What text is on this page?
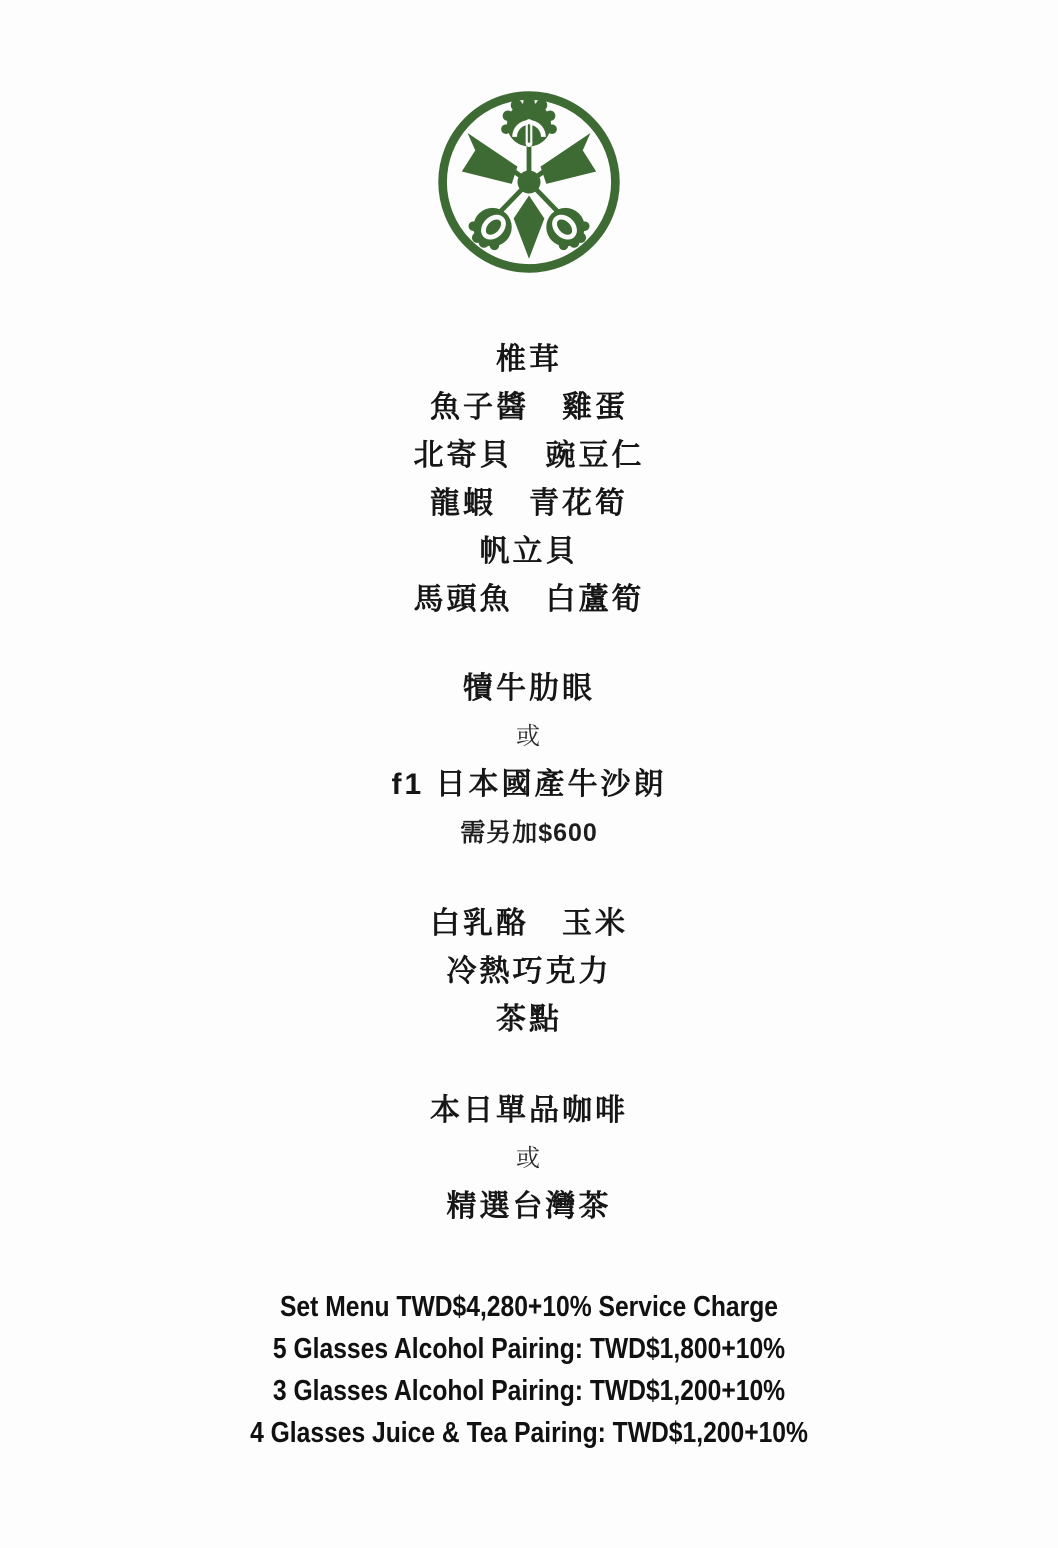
椎茸
魚子醬　雞蛋
北寄貝　豌豆仁
龍蝦　青花筍
帆立貝
馬頭魚　白蘆筍
犢牛肋眼
或
f1 日本國產牛沙朗
需另加$600
白乳酪　玉米
冷熱巧克力
茶點
本日單品咖啡
或
精選台灣茶
Set Menu TWD$4,280+10% Service Charge
5 Glasses Alcohol Pairing: TWD$1,800+10%
3 Glasses Alcohol Pairing: TWD$1,200+10%
4 Glasses Juice & Tea Pairing: TWD$1,200+10%
